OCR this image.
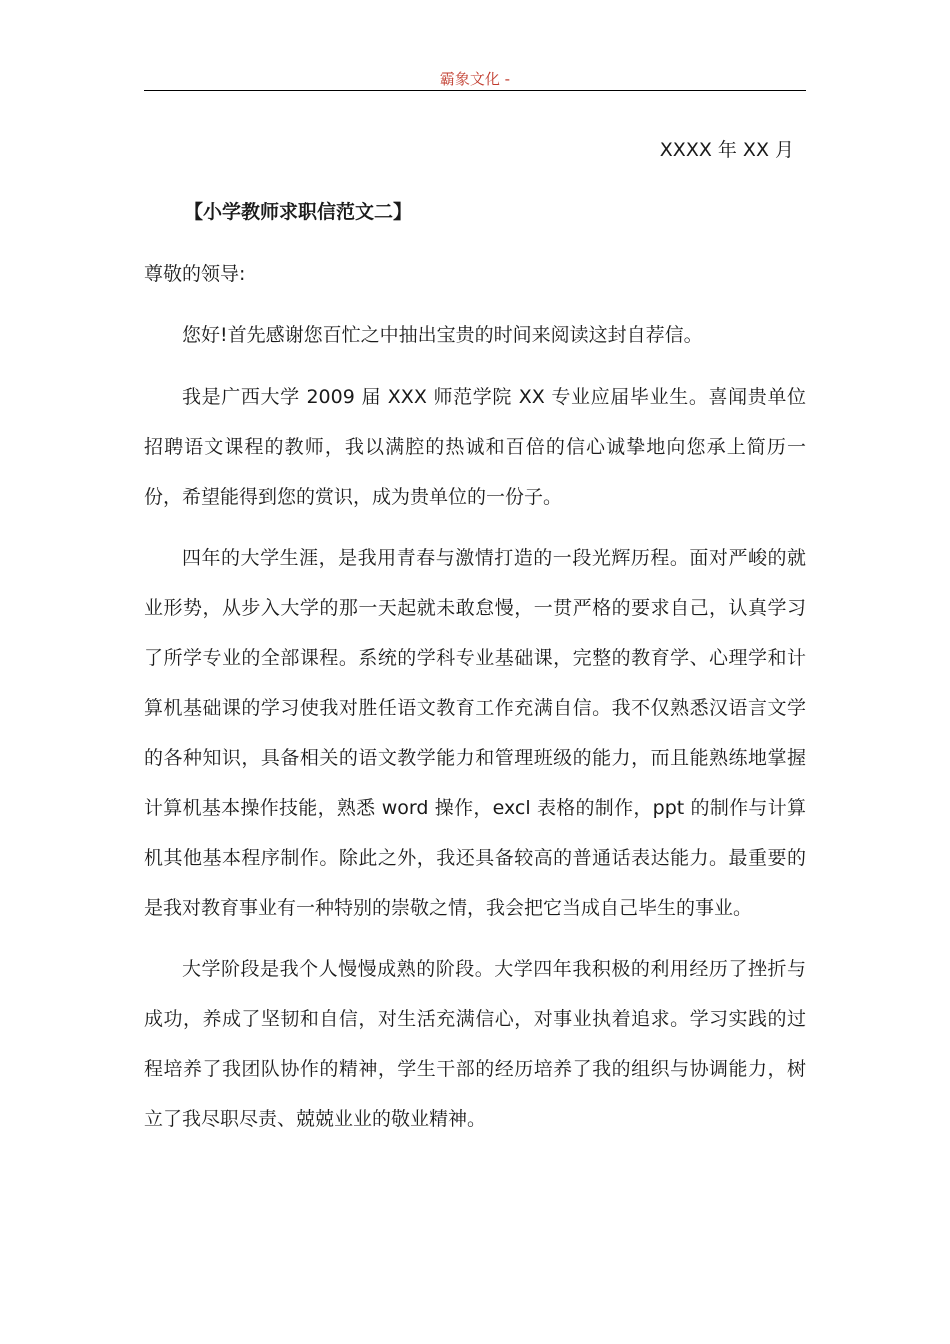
霸象文化 -
XXXX 年 XX 月
【小学教师求职信范文二】
尊敬的领导:

您好!首先感谢您百忙之中抽出宝贵的时间来阅读这封自荐信。

我是广西大学 2009 届 XXX 师范学院 XX 专业应届毕业生。喜闻贵单位招聘语文课程的教师，我以满腔的热诚和百倍的信心诚挚地向您承上简历一份，希望能得到您的赏识，成为贵单位的一份子。

四年的大学生涯，是我用青春与激情打造的一段光辉历程。面对严峻的就业形势，从步入大学的那一天起就未敢怠慢，一贯严格的要求自己，认真学习了所学专业的全部课程。系统的学科专业基础课，完整的教育学、心理学和计算机基础课的学习使我对胜任语文教育工作充满自信。我不仅熟悉汉语言文学的各种知识，具备相关的语文教学能力和管理班级的能力，而且能熟练地掌握计算机基本操作技能，熟悉 word 操作，excl 表格的制作，ppt 的制作与计算机其他基本程序制作。除此之外，我还具备较高的普通话表达能力。最重要的是我对教育事业有一种特别的崇敬之情，我会把它当成自己毕生的事业。

大学阶段是我个人慢慢成熟的阶段。大学四年我积极的利用经历了挫折与成功，养成了坚韧和自信，对生活充满信心，对事业执着追求。学习实践的过程培养了我团队协作的精神，学生干部的经历培养了我的组织与协调能力，树立了我尽职尽责、兢兢业业的敬业精神。
